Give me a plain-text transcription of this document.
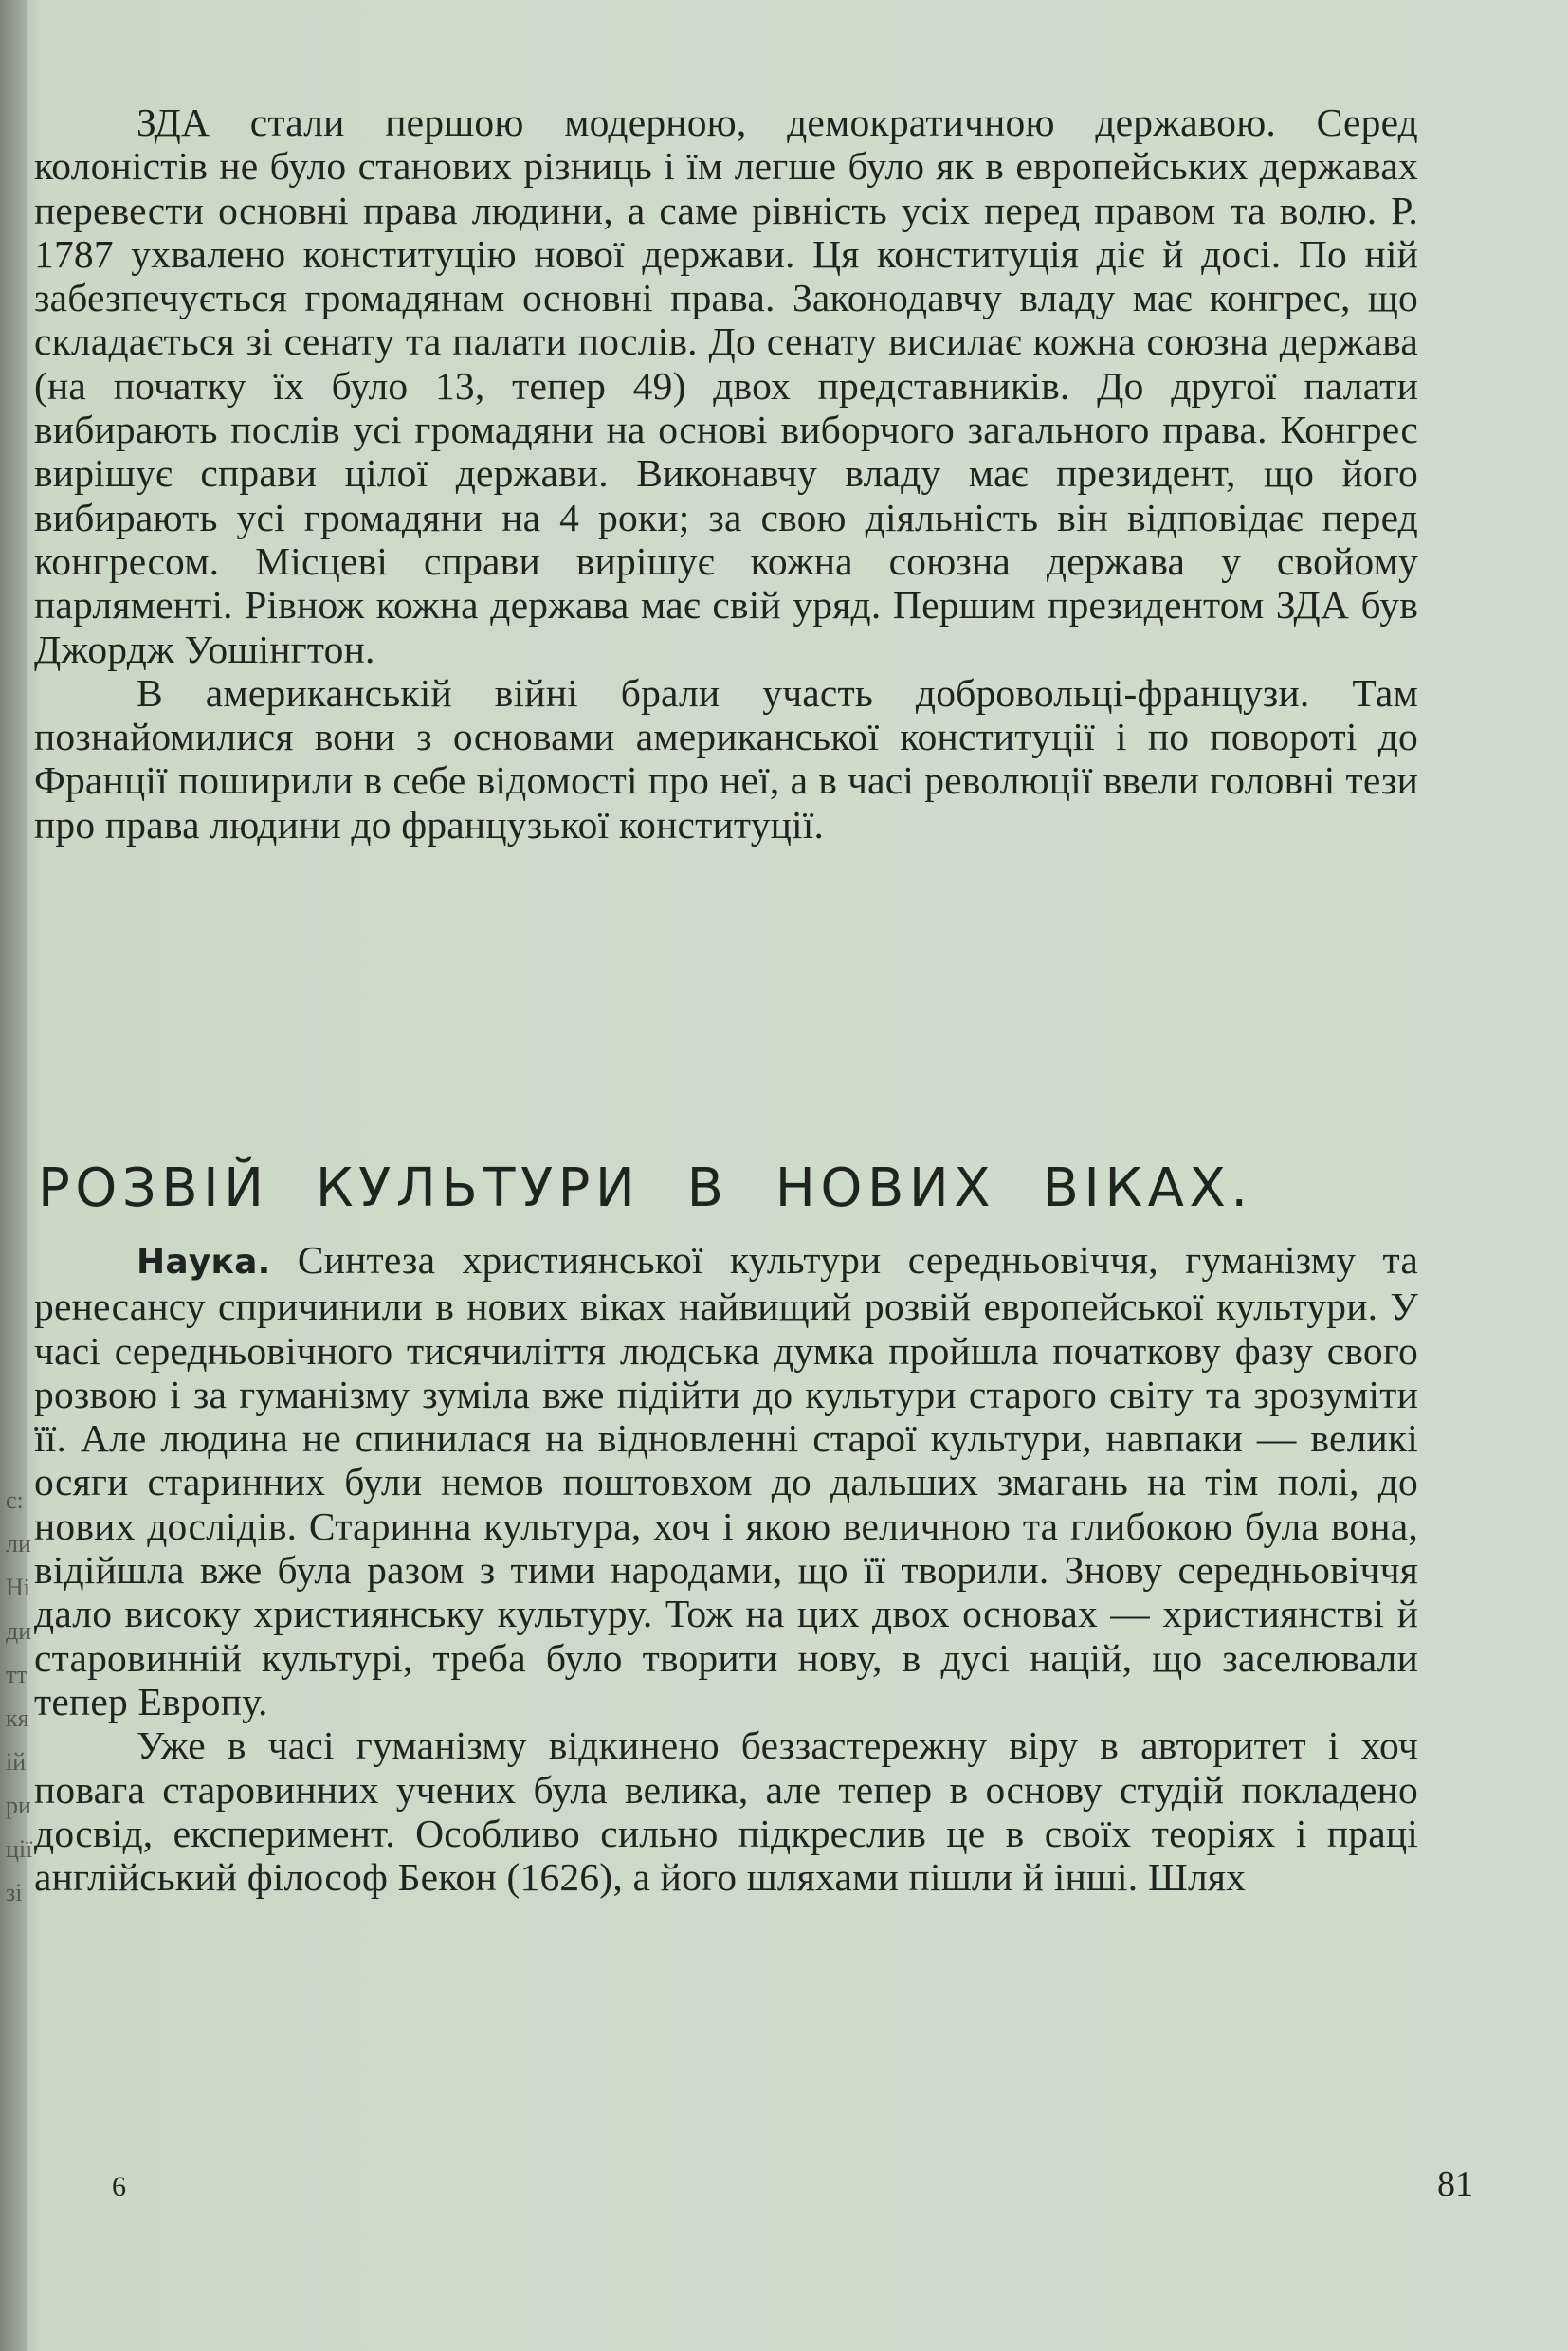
с:
ли
Ні
ди
тт
кя
ій
ри
ції
зі

ЗДА стали першою модерною, демократичною державою. Серед колоністів не було станових різниць і їм легше було як в европейських державах перевести основні права людини, а саме рівність усіх перед правом та волю. Р. 1787 ухвалено конституцію нової держави. Ця конституція діє й досі. По ній забезпечується громадянам основні права. Законодавчу владу має конгрес, що складається зі сенату та палати послів. До сенату висилає кожна союзна держава (на початку їх було 13, тепер 49) двох представників. До другої палати вибирають послів усі громадяни на основі виборчого загального права. Конгрес вирішує справи цілої держави. Виконавчу владу має президент, що його вибирають усі громадяни на 4 роки; за свою діяльність він відповідає перед конгресом. Місцеві справи вирішує кожна союзна держава у свойому парляменті. Рівнож кожна держава має свій уряд. Першим президентом ЗДА був Джордж Уошінгтон.

В американській війні брали участь добровольці-французи. Там познайомилися вони з основами американської конституції і по повороті до Франції поширили в себе відомості про неї, а в часі революції ввели головні тези про права людини до французької конституції.

РОЗВІЙ КУЛЬТУРИ В НОВИХ ВІКАХ.

Наука. Синтеза християнської культури середньовіччя, гуманізму та ренесансу спричинили в нових віках найвищий розвій европейської культури. У часі середньовічного тисячиліття людська думка пройшла початкову фазу свого розвою і за гуманізму зуміла вже підійти до культури старого світу та зрозуміти її. Але людина не спинилася на відновленні старої культури, навпаки — великі осяги старинних були немов поштовхом до дальших змагань на тім полі, до нових дослідів. Старинна культура, хоч і якою величною та глибокою була вона, відійшла вже була разом з тими народами, що її творили. Знову середньовіччя дало високу християнську культуру. Тож на цих двох основах — християнстві й старовинній культурі, треба було творити нову, в дусі націй, що заселювали тепер Европу.

Уже в часі гуманізму відкинено беззастережну віру в авторитет і хоч повага старовинних учених була велика, але тепер в основу студій покладено досвід, експеримент. Особливо сильно підкреслив це в своїх теоріях і праці англійський філософ Бекон (1626), а його шляхами пішли й інші. Шлях

6	81
